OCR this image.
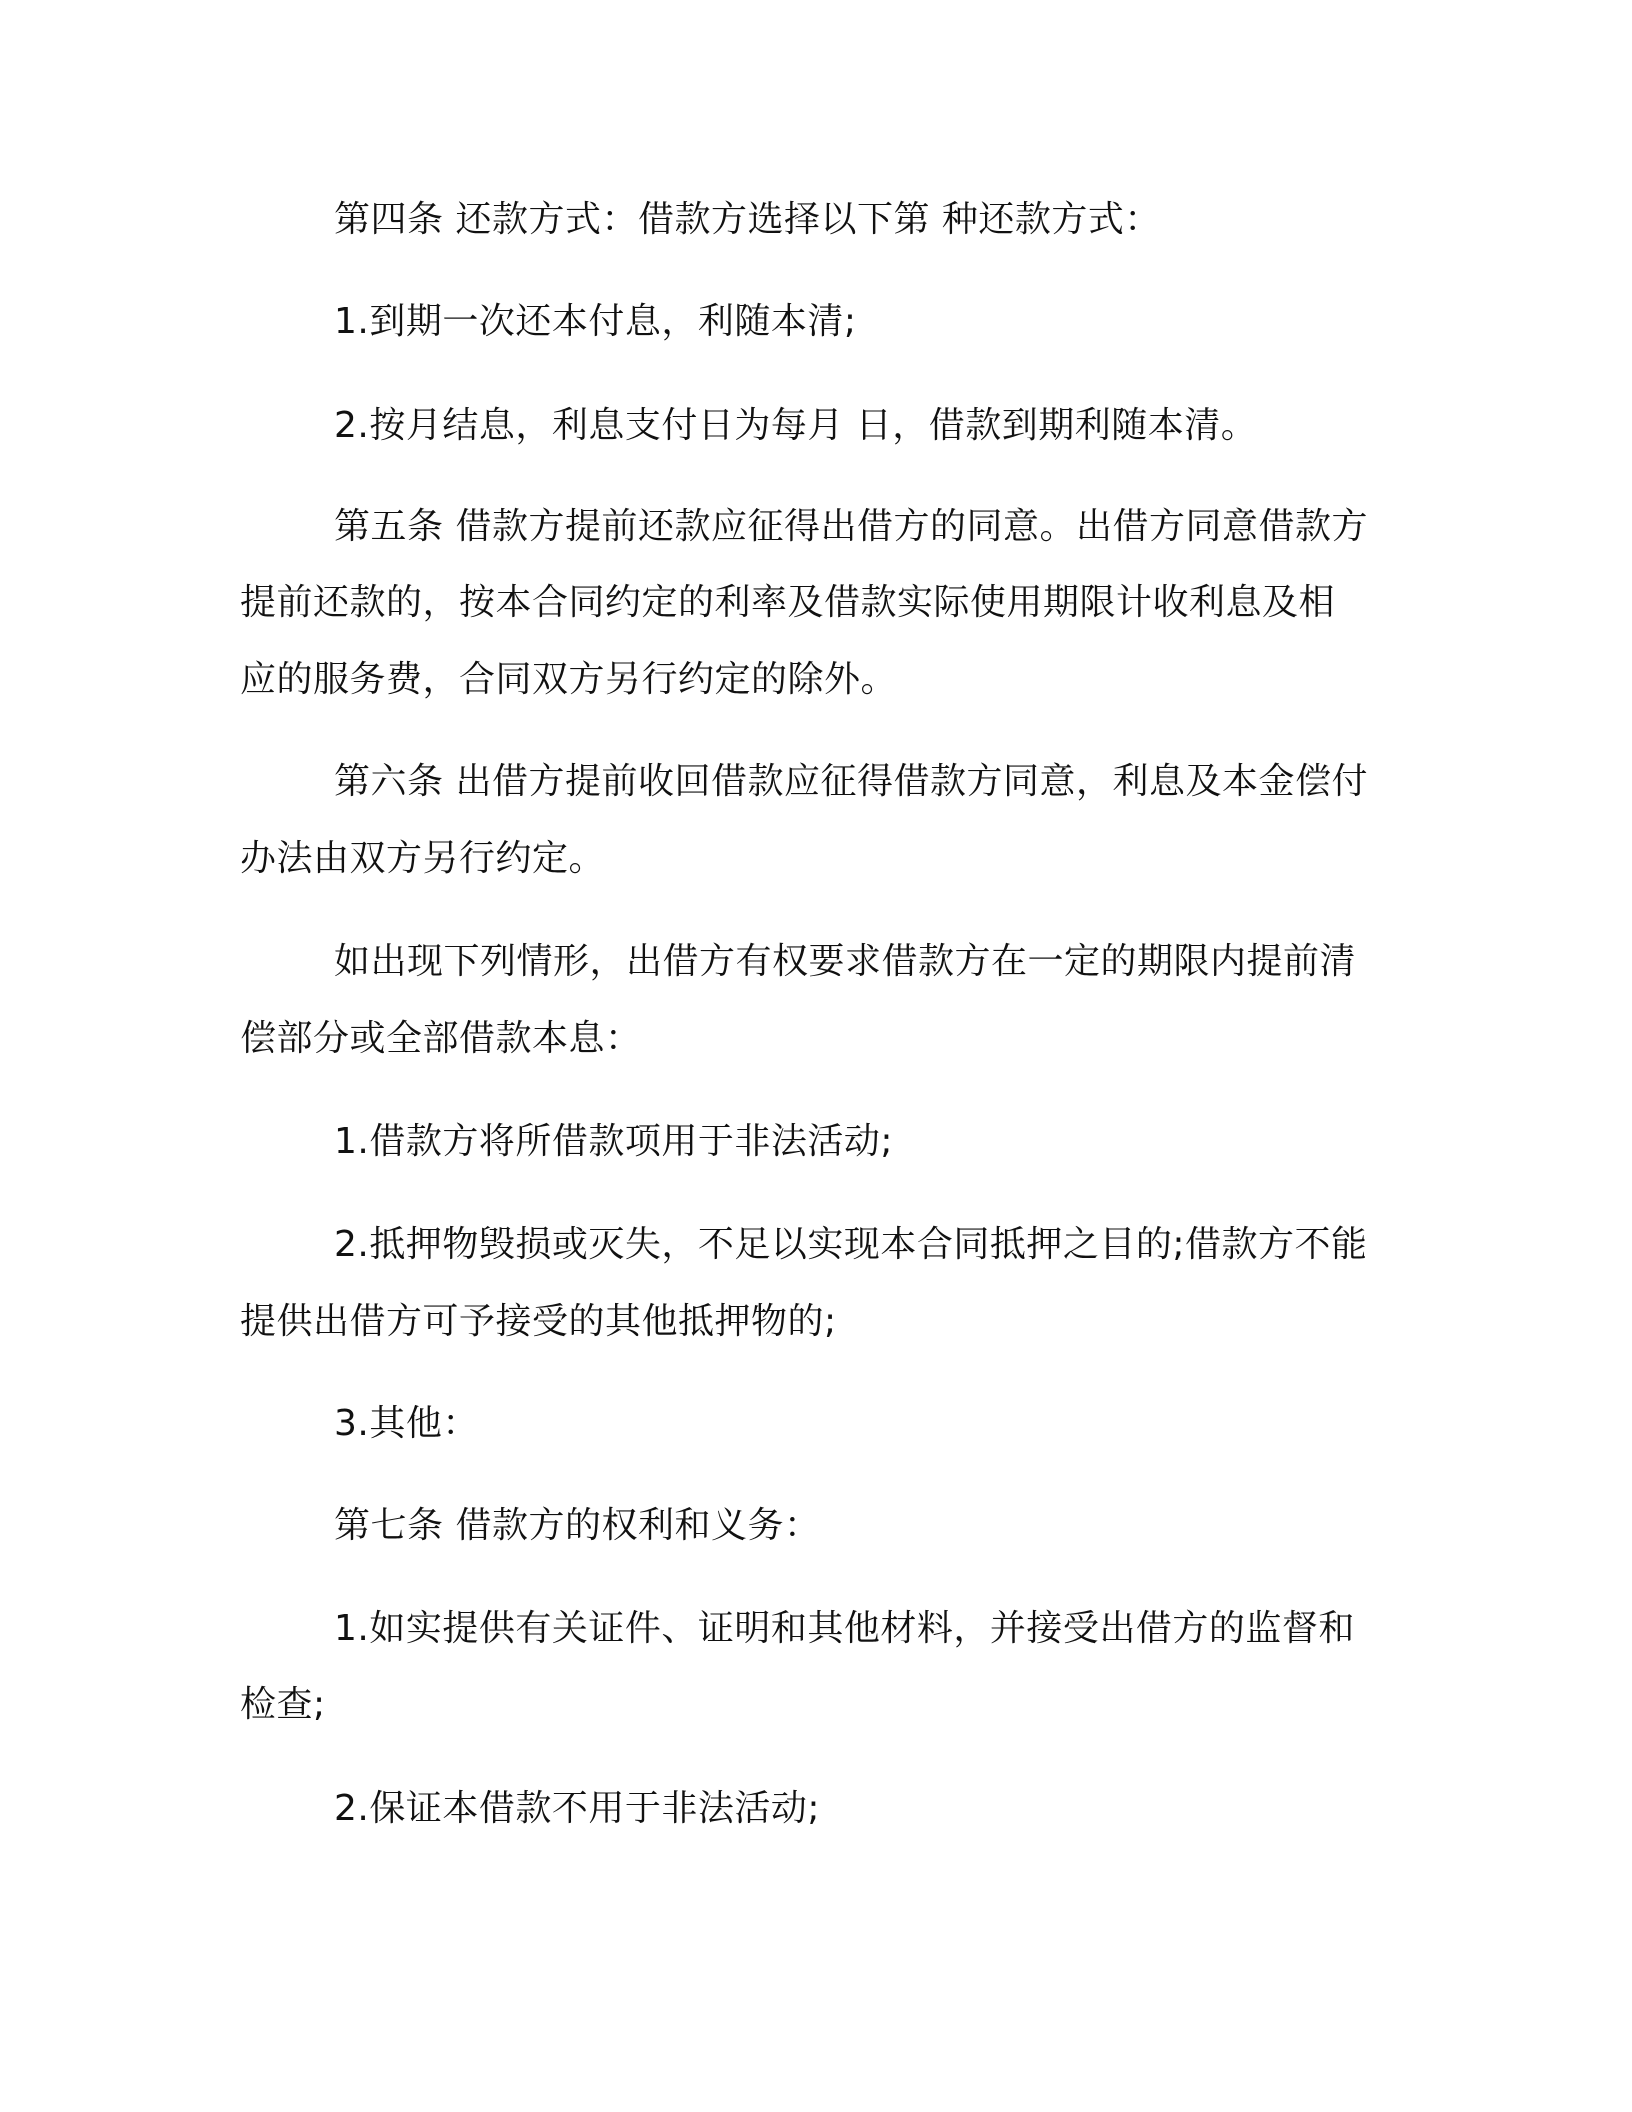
第四条 还款方式：借款方选择以下第 种还款方式：
1.到期一次还本付息，利随本清;
2.按月结息，利息支付日为每月 日，借款到期利随本清。
第五条 借款方提前还款应征得出借方的同意。出借方同意借款方
提前还款的，按本合同约定的利率及借款实际使用期限计收利息及相
应的服务费，合同双方另行约定的除外。
第六条 出借方提前收回借款应征得借款方同意，利息及本金偿付
办法由双方另行约定。
如出现下列情形，出借方有权要求借款方在一定的期限内提前清
偿部分或全部借款本息：
1.借款方将所借款项用于非法活动;
2.抵押物毁损或灭失，不足以实现本合同抵押之目的;借款方不能
提供出借方可予接受的其他抵押物的;
3.其他：
第七条 借款方的权利和义务：
1.如实提供有关证件、证明和其他材料，并接受出借方的监督和
检查;
2.保证本借款不用于非法活动;
